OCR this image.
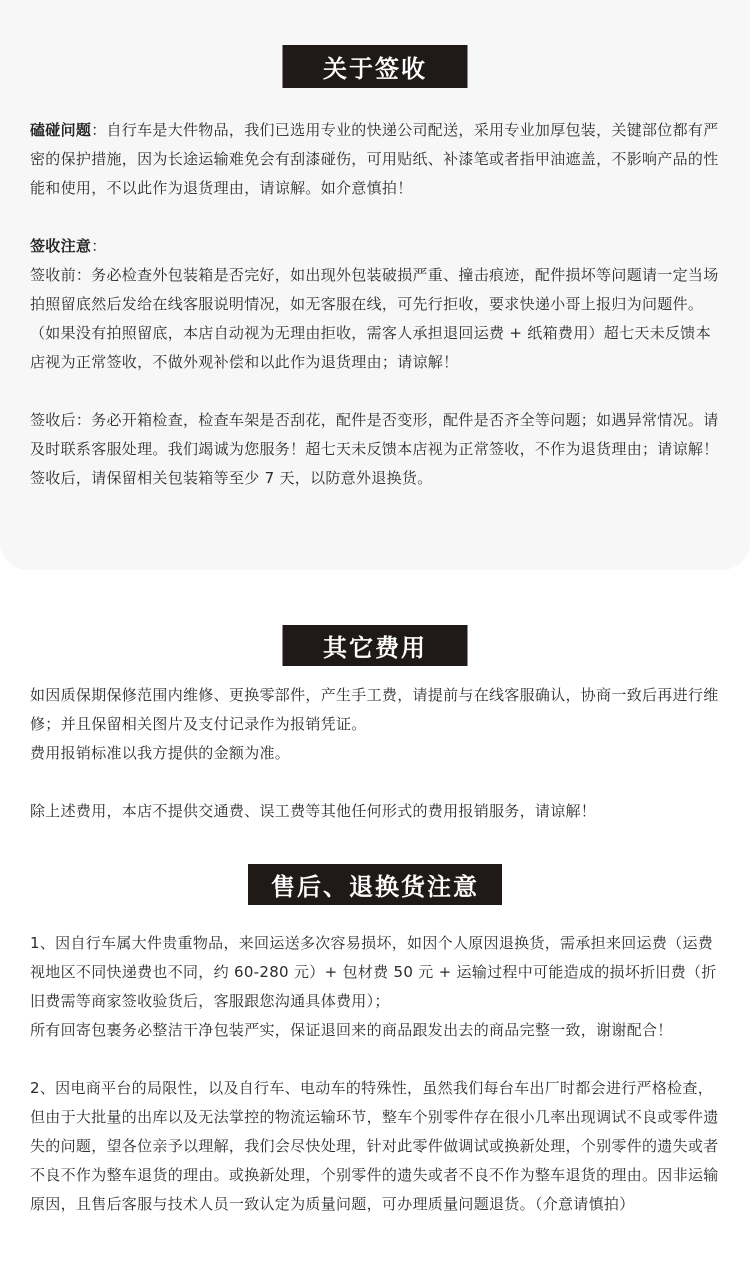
关于签收

磕碰问题：自行车是大件物品，我们已选用专业的快递公司配送，采用专业加厚包装，关键部位都有严密的保护措施，因为长途运输难免会有刮漆碰伤，可用贴纸、补漆笔或者指甲油遮盖，不影响产品的性能和使用，不以此作为退货理由，请谅解。如介意慎拍！

签收注意：

签收前：务必检查外包装箱是否完好，如出现外包装破损严重、撞击痕迹，配件损坏等问题请一定当场拍照留底然后发给在线客服说明情况，如无客服在线，可先行拒收，要求快递小哥上报归为问题件。（如果没有拍照留底，本店自动视为无理由拒收，需客人承担退回运费 + 纸箱费用）超七天未反馈本店视为正常签收，不做外观补偿和以此作为退货理由；请谅解！

签收后：务必开箱检查，检查车架是否刮花，配件是否变形，配件是否齐全等问题；如遇异常情况。请及时联系客服处理。我们竭诚为您服务！超七天未反馈本店视为正常签收，不作为退货理由；请谅解！签收后，请保留相关包装箱等至少 7 天，以防意外退换货。

其它费用

如因质保期保修范围内维修、更换零部件，产生手工费，请提前与在线客服确认，协商一致后再进行维修；并且保留相关图片及支付记录作为报销凭证。

费用报销标准以我方提供的金额为准。

除上述费用，本店不提供交通费、误工费等其他任何形式的费用报销服务，请谅解！

售后、退换货注意

1、因自行车属大件贵重物品，来回运送多次容易损坏，如因个人原因退换货，需承担来回运费（运费视地区不同快递费也不同，约 60-280 元）+ 包材费 50 元 + 运输过程中可能造成的损坏折旧费（折旧费需等商家签收验货后，客服跟您沟通具体费用）；

所有回寄包裹务必整洁干净包装严实，保证退回来的商品跟发出去的商品完整一致，谢谢配合！

2、因电商平台的局限性，以及自行车、电动车的特殊性，虽然我们每台车出厂时都会进行严格检查，但由于大批量的出库以及无法掌控的物流运输环节，整车个别零件存在很小几率出现调试不良或零件遗失的问题，望各位亲予以理解，我们会尽快处理，针对此零件做调试或换新处理，个别零件的遗失或者不良不作为整车退货的理由。或换新处理，个别零件的遗失或者不良不作为整车退货的理由。因非运输原因，且售后客服与技术人员一致认定为质量问题，可办理质量问题退货。（介意请慎拍）
